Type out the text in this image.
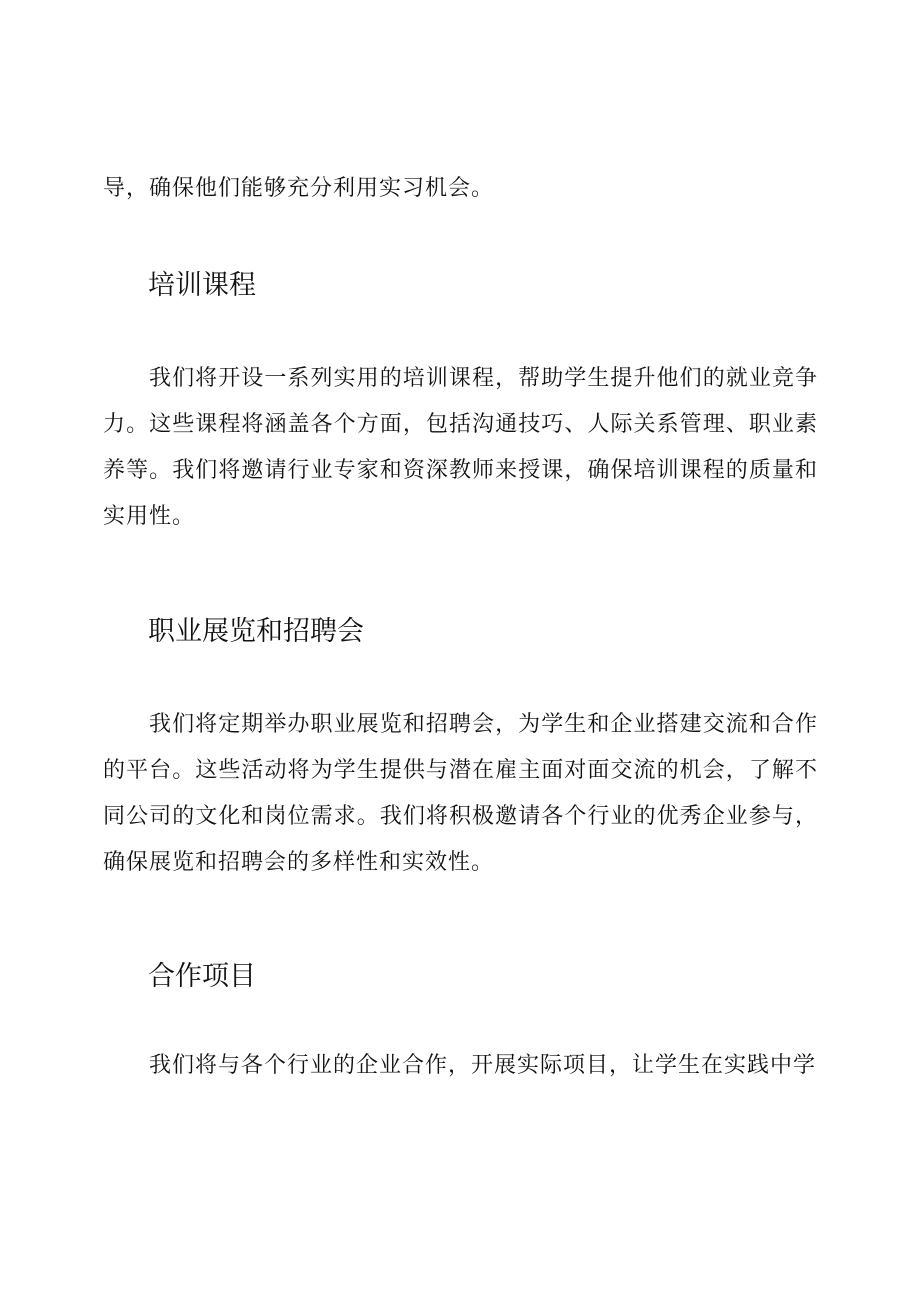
导，确保他们能够充分利用实习机会。

培训课程

我们将开设一系列实用的培训课程，帮助学生提升他们的就业竞争力。这些课程将涵盖各个方面，包括沟通技巧、人际关系管理、职业素养等。我们将邀请行业专家和资深教师来授课，确保培训课程的质量和实用性。

职业展览和招聘会

我们将定期举办职业展览和招聘会，为学生和企业搭建交流和合作的平台。这些活动将为学生提供与潜在雇主面对面交流的机会，了解不同公司的文化和岗位需求。我们将积极邀请各个行业的优秀企业参与，确保展览和招聘会的多样性和实效性。

合作项目

我们将与各个行业的企业合作，开展实际项目，让学生在实践中学
